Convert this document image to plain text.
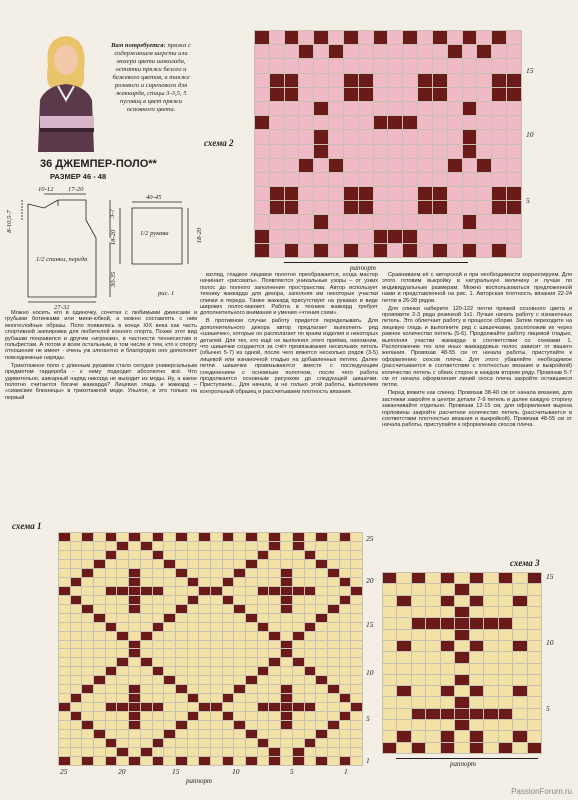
Вам потребуется: пряжа с содержанием шерсти или мохера цвета шоколада, остатки пряжи белого и бежевого цветов, а также розового и сиреневого для жаккарда, спицы 3-3,5, 5 пуговиц в цвет пряжи основного цвета.
36 ДЖЕМПЕР-ПОЛО**
РАЗМЕР 46 - 48
10-12 17-20
8-10,5-7	3-7
18-20
30-35
27-32
40-45
18-20
1/2 спинки, переда
1/2 рукава
рис. 1
схема 2
15
10
5
раппорт

Можно носить его в одиночку, сочетая с любимыми джинсами и грубыми ботинками или мини-юбкой, а можно составлять с ним многослойные образы. Поло появились в конце XIX века как часть спортивной экипировки для любителей конного спорта. Позже этот вид рубашки понравился и другим «игрокам», в частности теннисистам и гольфистам. А потом и всем остальным, в том числе и тем, кто к спорту отношения не имеет - очень уж элегантно и благородно оно дополняет повседневные наряды.

Трикотажное поло с длинным рукавом стало сегодня универсальным предметом гардероба - к нему подходит абсолютно всё. Что удивительно, шикарный наряд никогда не выходит из моды. Ну, а какое полотно считается богаче жаккарда? Лицевая гладь и жаккард – «сиамские близнецы» в трикотажной моде. Унылое, и это только на первый

взгляд, гладкое лицевое полотно преображается, когда мастер начинает «рисовать». Появляются уникальные узоры – от узких полос до полного заполнения пространства. Автор использует технику жаккарда для декора, заполняя им некоторые участки спинки и переда. Также жаккард присутствует на рукавах в виде широких полос-манжет. Работа в технике жаккард требует дополнительного внимания и умения «чтения схем».

В противном случае работу придется переделывать. Для дополнительного декора автор предлагает выполнить ряд «шишечек», которые он располагает по краям изделия и некоторых деталей. Для тех, кто ещё не выполнял этого приёма, напомним, что шишечки создаются за счёт провязывания нескольких петель (обычно 5-7) из одной, после чего вяжется несколько рядов (3-5) лицевой или изнаночной гладью на добавленных петлях. Далее петли шишечки провязываются вместе с последующим соединением с основным полотном, после чего работа продолжается основным рисунком до следующей шишечки. Приступаем... Для начала, и не только этой работы, выполняем контрольный образец и рассчитываем плотность вязания.

Сравниваем её с авторской и при необходимости корректируем. Для этого готовим выкройку в натуральную величину и лучше по индивидуальным размерам. Можно воспользоваться предложенной нами и представленной на рис. 1. Авторская плотность вязания 22-24 петли в 26-28 рядов.

Для спинки наберите 120-122 петли пряжей основного цвета и провяжите 2-3 ряда резинкой 1х1. Лучше начать работу с изнаночных петель. Это облегчает работу в процессе сборки. Затем переходите на лицевую гладь и выполните ряд с шишечками, расположив их через равное количество петель (5-6). Продолжайте работу лицевой гладью, выполняя участки жаккарда в соответствии со схемами 1. Расположение тех или иных жаккардовых полос зависит от вашего желания. Провязав 48-55 см от начала работы, приступайте к оформлению скосов плеча. Для этого убавляйте необходимое (рассчитывается в соответствии с плотностью вязания и выкройкой) количество петель с обеих сторон в каждом втором ряду. Провязав 5-7 см от начала оформления линий скоса плеча закройте оставшиеся петли.

Перед вяжите как спинку. Провязав 38-40 см от начала вязания, для застежки закройте в центре детали 7-9 петель и далее каждую сторону заканчивайте отдельно. Провязав 12-15 см, для оформления выреза горловины закройте расчетное количество петель (рассчитывается в соответствии плотностью вязания и выкройкой). Провязав 48-55 см от начала работы, приступайте к оформлению скосов плеча.

схема 1
25
20
15
10
5
1
25	20	15	10	5	1
раппорт
схема 3
15
10
5
раппорт
PassionForum.ru
